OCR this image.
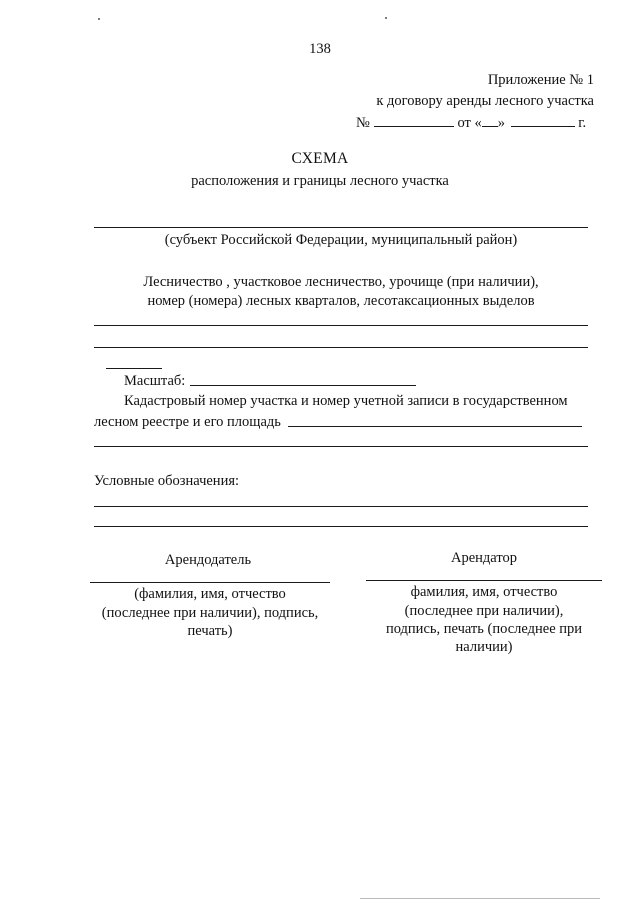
138
Приложение № 1
к договору аренды лесного участка
№	от « »	г.
СХЕМА
расположения и границы лесного участка
(субъект Российской Федерации, муниципальный район)
Лесничество , участковое лесничество, урочище (при наличии),
номер (номера) лесных кварталов, лесотаксационных выделов
Масштаб:
Кадастровый номер участка и номер учетной записи в государственном
лесном реестре и его площадь
Условные обозначения:
Арендодатель
(фамилия, имя, отчество
(последнее при наличии), подпись,
печать)
Арендатор
фамилия, имя, отчество
(последнее при наличии),
подпись, печать (последнее при
наличии)
